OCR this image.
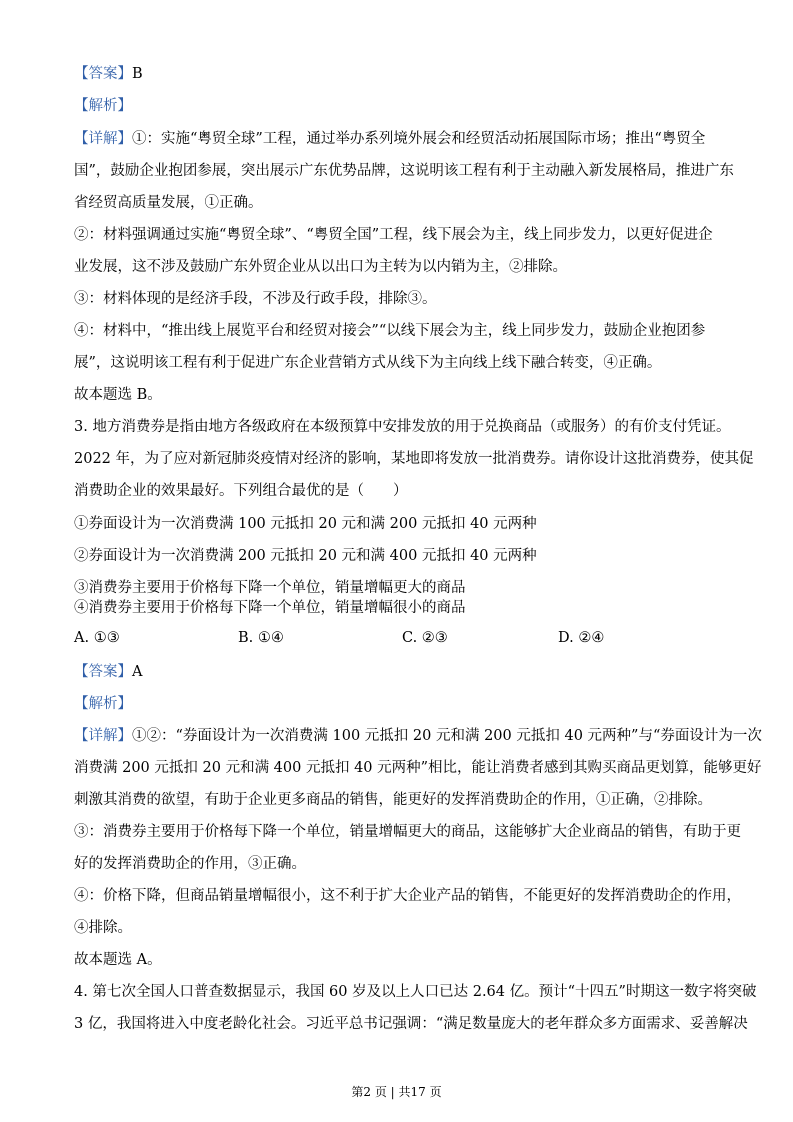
【答案】B
【解析】
【详解】①：实施“粤贸全球”工程，通过举办系列境外展会和经贸活动拓展国际市场；推出“粤贸全
国”，鼓励企业抱团参展，突出展示广东优势品牌，这说明该工程有利于主动融入新发展格局，推进广东
省经贸高质量发展，①正确。
②：材料强调通过实施“粤贸全球”、“粤贸全国”工程，线下展会为主，线上同步发力，以更好促进企
业发展，这不涉及鼓励广东外贸企业从以出口为主转为以内销为主，②排除。
③：材料体现的是经济手段，不涉及行政手段，排除③。
④：材料中，“推出线上展览平台和经贸对接会”“以线下展会为主，线上同步发力，鼓励企业抱团参
展”，这说明该工程有利于促进广东企业营销方式从线下为主向线上线下融合转变，④正确。
故本题选 B。
3. 地方消费券是指由地方各级政府在本级预算中安排发放的用于兑换商品（或服务）的有价支付凭证。
2022 年，为了应对新冠肺炎疫情对经济的影响，某地即将发放一批消费券。请你设计这批消费券，使其促
消费助企业的效果最好。下列组合最优的是（　　）
①券面设计为一次消费满 100 元抵扣 20 元和满 200 元抵扣 40 元两种
②券面设计为一次消费满 200 元抵扣 20 元和满 400 元抵扣 40 元两种
③消费券主要用于价格每下降一个单位，销量增幅更大的商品
④消费券主要用于价格每下降一个单位，销量增幅很小的商品
A. ①③	B. ①④	C. ②③	D. ②④
【答案】A
【解析】
【详解】①②：“券面设计为一次消费满 100 元抵扣 20 元和满 200 元抵扣 40 元两种”与“券面设计为一次
消费满 200 元抵扣 20 元和满 400 元抵扣 40 元两种”相比，能让消费者感到其购买商品更划算，能够更好
刺激其消费的欲望，有助于企业更多商品的销售，能更好的发挥消费助企的作用，①正确，②排除。
③：消费券主要用于价格每下降一个单位，销量增幅更大的商品，这能够扩大企业商品的销售，有助于更
好的发挥消费助企的作用，③正确。
④：价格下降，但商品销量增幅很小，这不利于扩大企业产品的销售，不能更好的发挥消费助企的作用，
④排除。
故本题选 A。
4. 第七次全国人口普查数据显示，我国 60 岁及以上人口已达 2.64 亿。预计“十四五”时期这一数字将突破
3 亿，我国将进入中度老龄化社会。习近平总书记强调：“满足数量庞大的老年群众多方面需求、妥善解决
第2 页 | 共17 页
